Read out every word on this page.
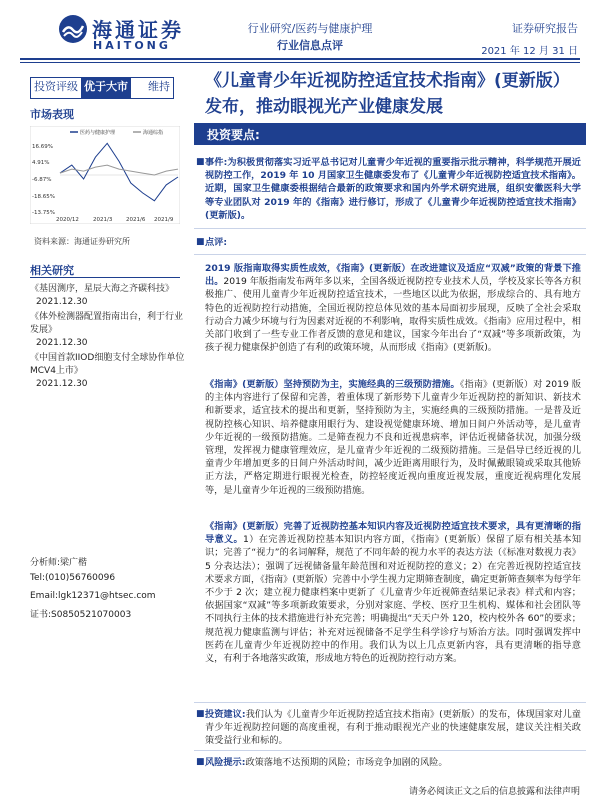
海通证券
HAITONG
行业研究/医药与健康护理
行业信息点评
证券研究报告
2021 年 12 月 31 日
投资评级 优于大市 维持
市场表现
医药与健康护理	海通综指
16.69%
4.91%
-6.87%
-18.65%
-13.75%
2020/12	2021/3 2021/6 2021/9
资料来源：海通证券研究所
相关研究
《基因测序，星辰大海之齐碳科技》
2021.12.30
《体外检测器配置指南出台，利于行业发展》
2021.12.30
《中国首款IIOD细胞支付全球协作单位MCV4上市》
2021.12.30
分析师:梁广楷
Tel:(010)56760096
Email:lgk12371@htsec.com
证书:S0850521070003
《儿童青少年近视防控适宜技术指南》(更新版）发布，推动眼视光产业健康发展
投资要点:
■ 事件:为积极贯彻落实习近平总书记对儿童青少年近视的重要指示批示精神，科学规范开展近视防控工作，2019 年 10 月国家卫生健康委发布了《儿童青少年近视防控适宜技术指南》。近期，国家卫生健康委根据结合最新的政策要求和国内外学术研究进展，组织安徽医科大学等专业团队对 2019 年的《指南》进行修订，形成了《儿童青少年近视防控适宜技术指南》(更新版)。
■ 点评:
2019 版指南取得实质性成效，《指南》(更新版）在改进建议及适应“双减”政策的背景下推出。2019 年版指南发布两年多以来，全国各级近视防控专业技术人员，学校及家长等各方积极推广、使用儿童青少年近视防控适宜技术，一些地区以此为依据，形成综合的、具有地方特色的近视防控行动措施，全国近视防控总体见效的基本局面初步展现，反映了全社会采取行动合力减少环境与行为因素对近视的不利影响，取得实质性成效。《指南》应用过程中，相关部门收到了一些专业工作者反馈的意见和建议，国家今年出台了“双减”等多项新政策，为孩子视力健康保护创造了有利的政策环境，从而形成《指南》(更新版)。
《指南》(更新版）坚持预防为主，实施经典的三级预防措施。《指南》(更新版）对 2019 版的主体内容进行了保留和完善，着重体现了新形势下儿童青少年近视防控的新知识、新技术和新要求，适宜技术的提出和更新，坚持预防为主，实施经典的三级预防措施。一是普及近视防控核心知识、培养健康用眼行为、建设视觉健康环境、增加日间户外活动等，是儿童青少年近视的一级预防措施。二是筛查视力不良和近视患病率，评估近视储备状况，加强分级管理，发挥视力健康管理效应，是儿童青少年近视的二级预防措施。三是倡导已经近视的儿童青少年增加更多的日间户外活动时间，减少近距离用眼行为，及时佩戴眼镜或采取其他矫正方法，严格定期进行眼视光检查，防控轻度近视向重度近视发展，重度近视病理化发展等，是儿童青少年近视的三级预防措施。
《指南》(更新版）完善了近视防控基本知识内容及近视防控适宜技术要求，具有更清晰的指导意义。1）在完善近视防控基本知识内容方面，《指南》(更新版）保留了原有相关基本知识；完善了“视力”的名词解释，规范了不同年龄的视力水平的表达方法（《标准对数视力表》5 分表达法）；强调了远视储备量年龄范围和对近视防控的意义；2）在完善近视防控适宜技术要求方面，《指南》(更新版）完善中小学生视力定期筛查制度，确定更新筛查频率为每学年不少于 2 次；建立视力健康档案中更新了《儿童青少年近视筛查结果记录表》样式和内容；依据国家“双减”等多项新政策要求，分别对家庭、学校、医疗卫生机构、媒体和社会团队等不同执行主体的技术措施进行补充完善；明确提出“天天户外 120，校内校外各 60”的要求；规范视力健康监测与评估；补充对远视储备不足学生科学诊疗与矫治方法。同时强调发挥中医药在儿童青少年近视防控中的作用。我们认为以上几点更新内容，具有更清晰的指导意义，有利于各地落实政策，形成地方特色的近视防控行动方案。
■ 投资建议:我们认为《儿童青少年近视防控适宜技术指南》(更新版）的发布，体现国家对儿童青少年近视防控问题的高度重视，有利于推动眼视光产业的快速健康发展，建议关注相关政策受益行业和标的。
■ 风险提示:政策落地不达预期的风险；市场竞争加剧的风险。
请务必阅读正文之后的信息披露和法律声明
